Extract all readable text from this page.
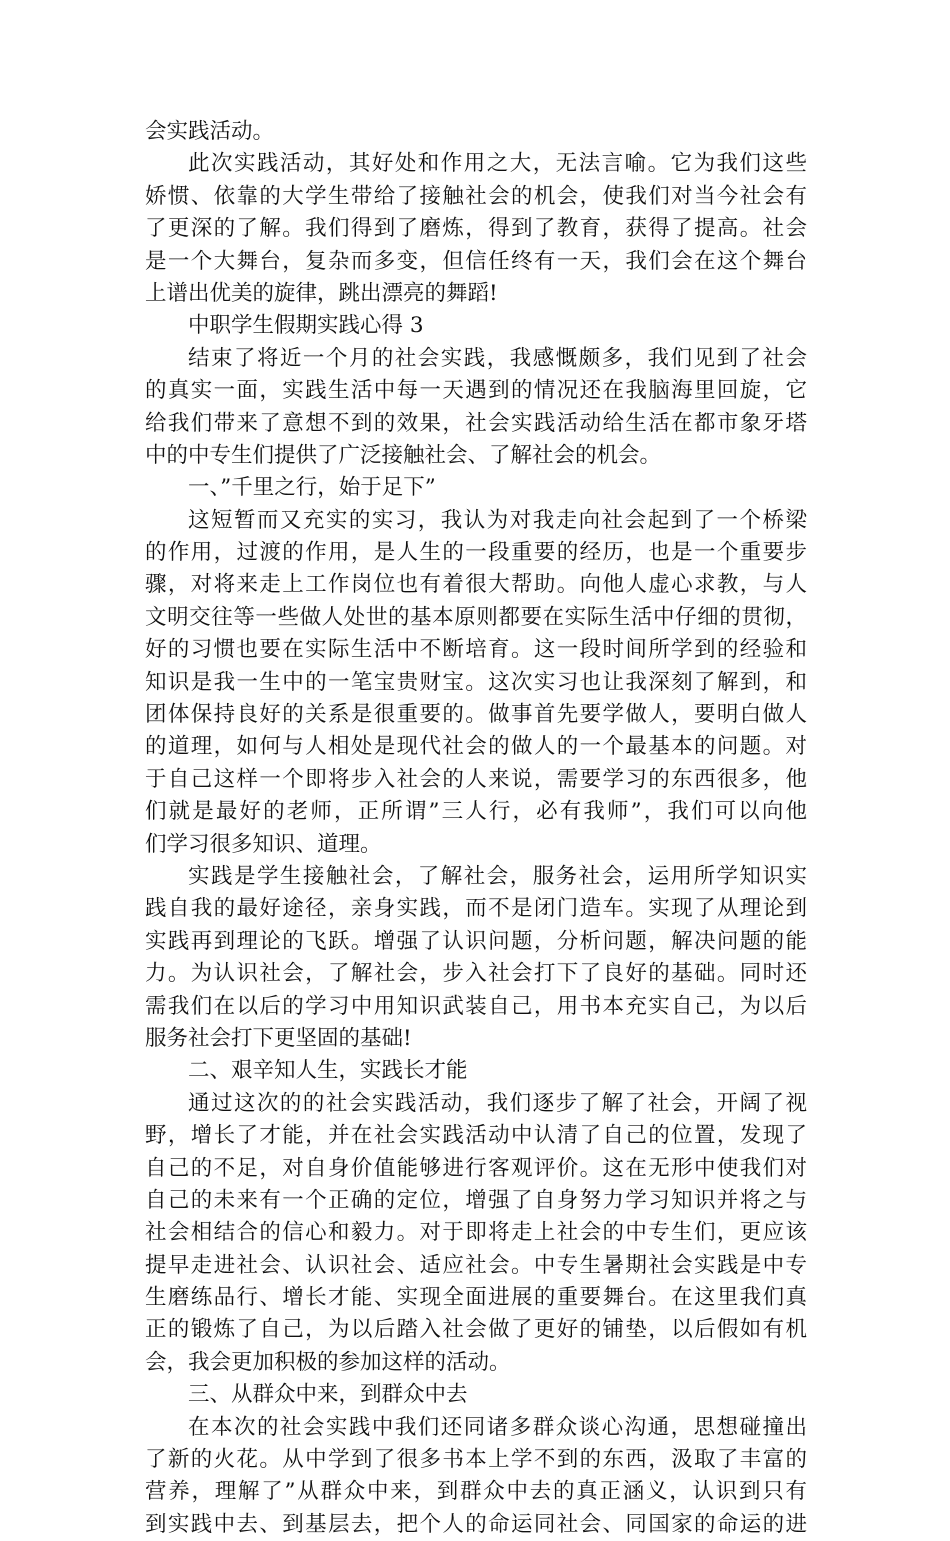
会实践活动。
此次实践活动，其好处和作用之大，无法言喻。它为我们这些
娇惯、依靠的大学生带给了接触社会的机会，使我们对当今社会有
了更深的了解。我们得到了磨炼，得到了教育，获得了提高。社会
是一个大舞台，复杂而多变，但信任终有一天，我们会在这个舞台
上谱出优美的旋律，跳出漂亮的舞蹈!
中职学生假期实践心得 3
结束了将近一个月的社会实践，我感慨颇多，我们见到了社会
的真实一面，实践生活中每一天遇到的情况还在我脑海里回旋，它
给我们带来了意想不到的效果，社会实践活动给生活在都市象牙塔
中的中专生们提供了广泛接触社会、了解社会的机会。
一、”千里之行，始于足下”
这短暂而又充实的实习，我认为对我走向社会起到了一个桥梁
的作用，过渡的作用，是人生的一段重要的经历，也是一个重要步
骤，对将来走上工作岗位也有着很大帮助。向他人虚心求教，与人
文明交往等一些做人处世的基本原则都要在实际生活中仔细的贯彻，
好的习惯也要在实际生活中不断培育。这一段时间所学到的经验和
知识是我一生中的一笔宝贵财宝。这次实习也让我深刻了解到，和
团体保持良好的关系是很重要的。做事首先要学做人，要明白做人
的道理，如何与人相处是现代社会的做人的一个最基本的问题。对
于自己这样一个即将步入社会的人来说，需要学习的东西很多，他
们就是最好的老师，正所谓”三人行，必有我师”，我们可以向他
们学习很多知识、道理。
实践是学生接触社会，了解社会，服务社会，运用所学知识实
践自我的最好途径，亲身实践，而不是闭门造车。实现了从理论到
实践再到理论的飞跃。增强了认识问题，分析问题，解决问题的能
力。为认识社会，了解社会，步入社会打下了良好的基础。同时还
需我们在以后的学习中用知识武装自己，用书本充实自己，为以后
服务社会打下更坚固的基础!
二、艰辛知人生，实践长才能
通过这次的的社会实践活动，我们逐步了解了社会，开阔了视
野，增长了才能，并在社会实践活动中认清了自己的位置，发现了
自己的不足，对自身价值能够进行客观评价。这在无形中使我们对
自己的未来有一个正确的定位，增强了自身努力学习知识并将之与
社会相结合的信心和毅力。对于即将走上社会的中专生们，更应该
提早走进社会、认识社会、适应社会。中专生暑期社会实践是中专
生磨练品行、增长才能、实现全面进展的重要舞台。在这里我们真
正的锻炼了自己，为以后踏入社会做了更好的铺垫，以后假如有机
会，我会更加积极的参加这样的活动。
三、从群众中来，到群众中去
在本次的社会实践中我们还同诸多群众谈心沟通，思想碰撞出
了新的火花。从中学到了很多书本上学不到的东西，汲取了丰富的
营养，理解了”从群众中来，到群众中去的真正涵义，认识到只有
到实践中去、到基层去，把个人的命运同社会、同国家的命运的进
